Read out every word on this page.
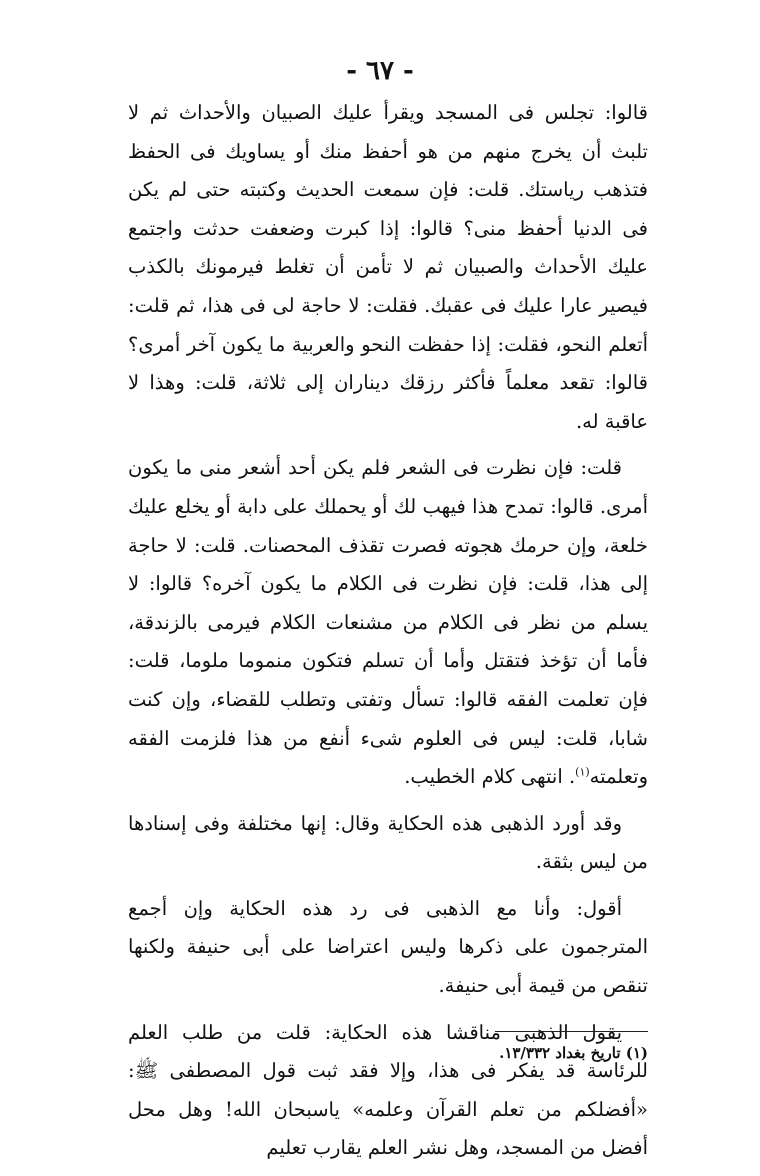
- ٦٧ -

قالوا: تجلس فى المسجد ويقرأ عليك الصبيان والأحداث ثم لا تلبث أن يخرج منهم من هو أحفظ منك أو يساويك فى الحفظ فتذهب رياستك. قلت: فإن سمعت الحديث وكتبته حتى لم يكن فى الدنيا أحفظ منى؟ قالوا: إذا كبرت وضعفت حدثت واجتمع عليك الأحداث والصبيان ثم لا تأمن أن تغلط فيرمونك بالكذب فيصير عارا عليك فى عقبك. فقلت: لا حاجة لى فى هذا، ثم قلت: أتعلم النحو، فقلت: إذا حفظت النحو والعربية ما يكون آخر أمرى؟ قالوا: تقعد معلماً فأكثر رزقك ديناران إلى ثلاثة، قلت: وهذا لا عاقبة له.

قلت: فإن نظرت فى الشعر فلم يكن أحد أشعر منى ما يكون أمرى. قالوا: تمدح هذا فيهب لك أو يحملك على دابة أو يخلع عليك خلعة، وإن حرمك هجوته فصرت تقذف المحصنات. قلت: لا حاجة إلى هذا، قلت: فإن نظرت فى الكلام ما يكون آخره؟ قالوا: لا يسلم من نظر فى الكلام من مشنعات الكلام فيرمى بالزندقة، فأما أن تؤخذ فتقتل وأما أن تسلم فتكون منموما ملوما، قلت: فإن تعلمت الفقه قالوا: تسأل وتفتى وتطلب للقضاء، وإن كنت شابا، قلت: ليس فى العلوم شىء أنفع من هذا فلزمت الفقه وتعلمته$^{(١)}$. انتهى كلام الخطيب.

وقد أورد الذهبى هذه الحكاية وقال: إنها مختلفة وفى إسنادها من ليس بثقة.

أقول: وأنا مع الذهبى فى رد هذه الحكاية وإن أجمع المترجمون على ذكرها وليس اعتراضا على أبى حنيفة ولكنها تنقص من قيمة أبى حنيفة.

يقول الذهبى مناقشا هذه الحكاية: قلت من طلب العلم للرئاسة قد يفكر فى هذا، وإلا فقد ثبت قول المصطفى ﷺ: «أفضلكم من تعلم القرآن وعلمه» ياسبحان الله! وهل محل أفضل من المسجد، وهل نشر العلم يقارب تعليم

(١) تاريخ بغداد ١٣/٣٣٢.
